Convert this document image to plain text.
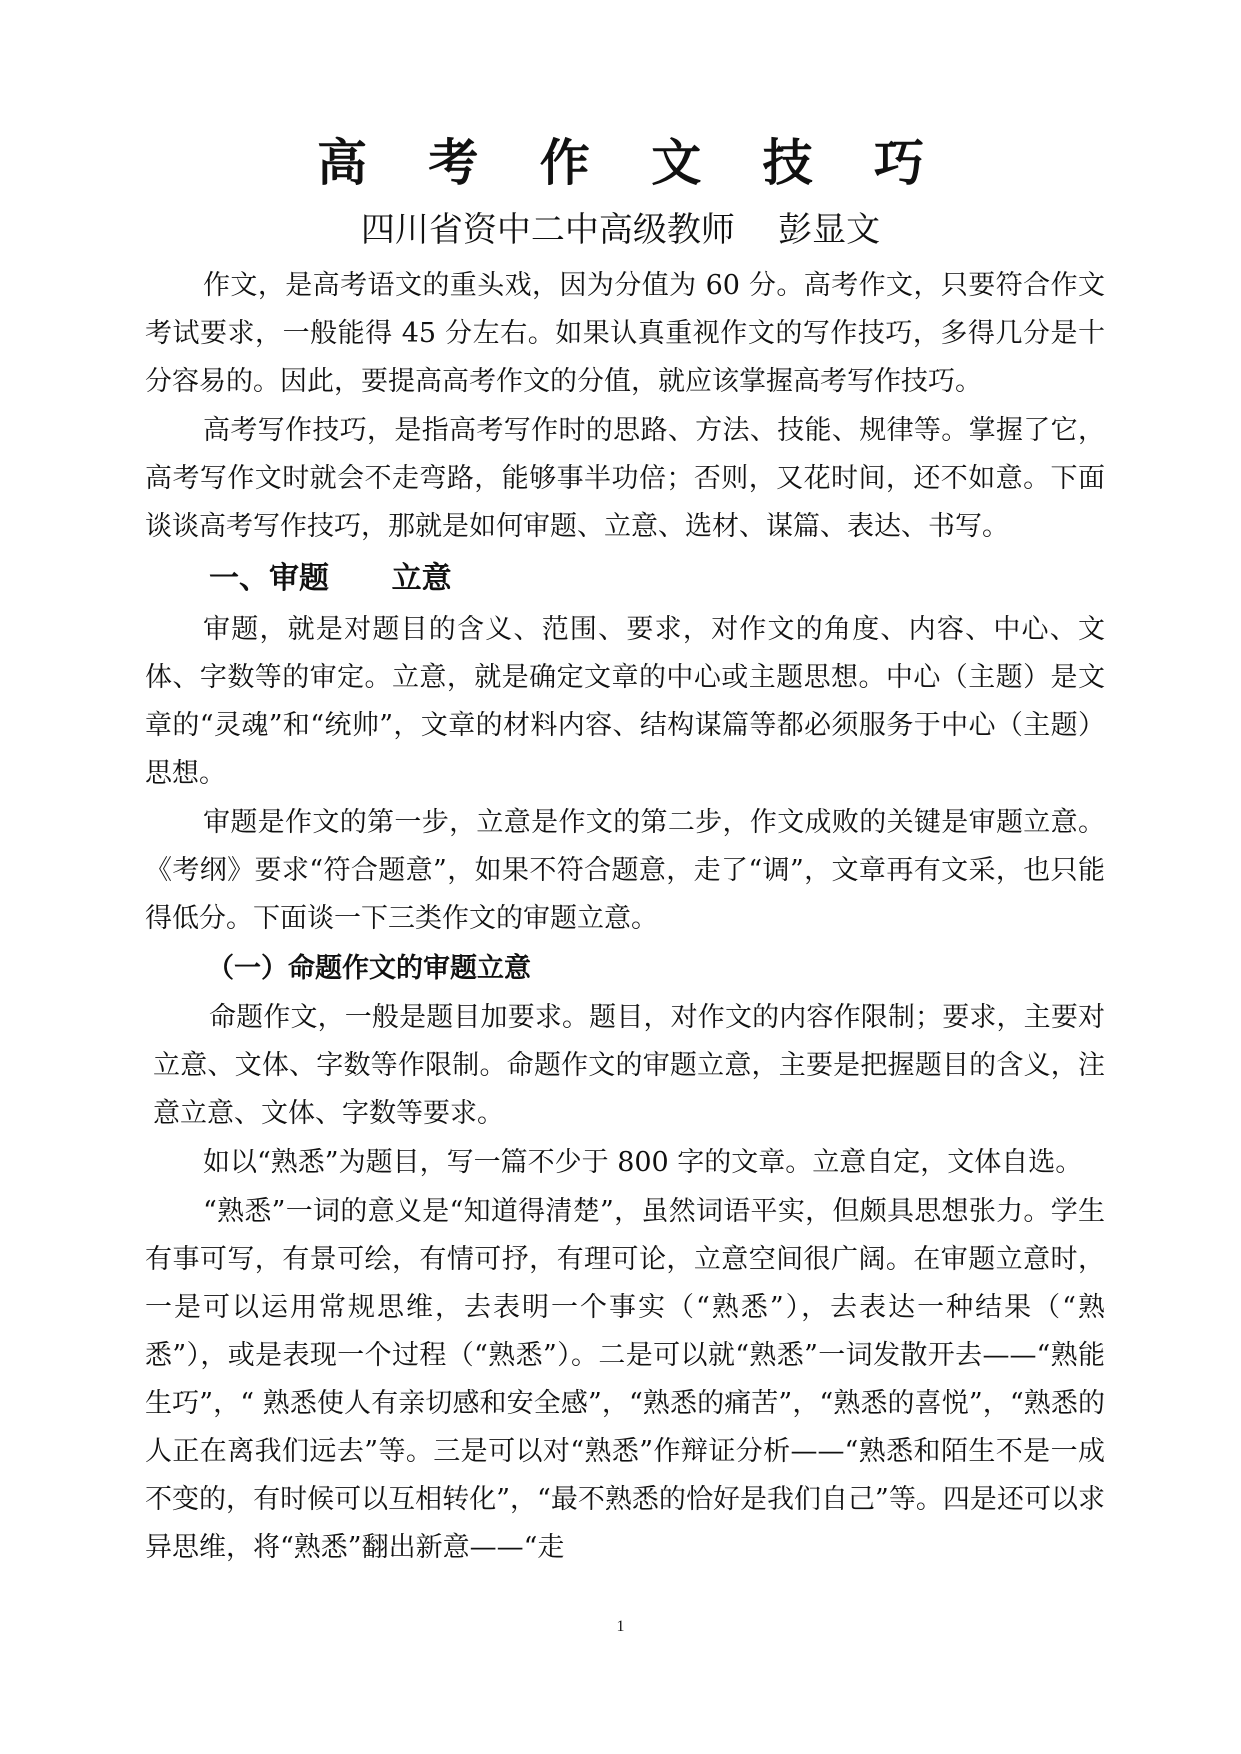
高 考 作 文 技 巧
四川省资中二中高级教师    彭显文

作文，是高考语文的重头戏，因为分值为 60 分。高考作文，只要符合作文考试要求，一般能得 45 分左右。如果认真重视作文的写作技巧，多得几分是十分容易的。因此，要提高高考作文的分值，就应该掌握高考写作技巧。

高考写作技巧，是指高考写作时的思路、方法、技能、规律等。掌握了它，高考写作文时就会不走弯路，能够事半功倍；否则，又花时间，还不如意。下面谈谈高考写作技巧，那就是如何审题、立意、选材、谋篇、表达、书写。

一、审题      立意

审题，就是对题目的含义、范围、要求，对作文的角度、内容、中心、文体、字数等的审定。立意，就是确定文章的中心或主题思想。中心（主题）是文章的“灵魂”和“统帅”，文章的材料内容、结构谋篇等都必须服务于中心（主题）思想。

审题是作文的第一步，立意是作文的第二步，作文成败的关键是审题立意。《考纲》要求“符合题意”，如果不符合题意，走了“调”，文章再有文采，也只能得低分。下面谈一下三类作文的审题立意。

（一）命题作文的审题立意

命题作文，一般是题目加要求。题目，对作文的内容作限制；要求，主要对立意、文体、字数等作限制。命题作文的审题立意，主要是把握题目的含义，注意立意、文体、字数等要求。

如以“熟悉”为题目，写一篇不少于 800 字的文章。立意自定，文体自选。

“熟悉”一词的意义是“知道得清楚”，虽然词语平实，但颇具思想张力。学生有事可写，有景可绘，有情可抒，有理可论，立意空间很广阔。在审题立意时，一是可以运用常规思维，去表明一个事实（“熟悉”），去表达一种结果（“熟悉”），或是表现一个过程（“熟悉”）。二是可以就“熟悉”一词发散开去——“熟能生巧”，“ 熟悉使人有亲切感和安全感”，“熟悉的痛苦”，“熟悉的喜悦”，“熟悉的人正在离我们远去”等。三是可以对“熟悉”作辩证分析——“熟悉和陌生不是一成不变的，有时候可以互相转化”，“最不熟悉的恰好是我们自己”等。四是还可以求异思维，将“熟悉”翻出新意——“走

1
